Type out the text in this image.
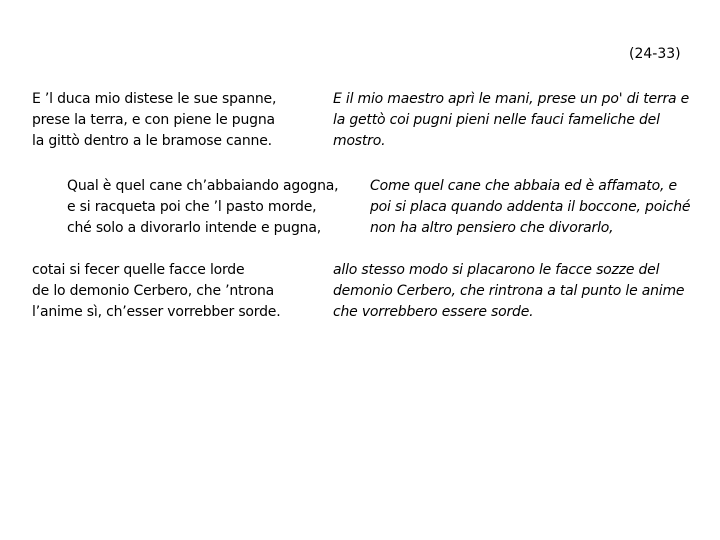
(24-33)
E ’l duca mio distese le sue spanne,
prese la terra, e con piene le pugna
la gittò dentro a le bramose canne.
E il mio maestro aprì le mani, prese un po' di terra e
la gettò coi pugni pieni nelle fauci fameliche del
mostro.
Qual è quel cane ch’abbaiando agogna,
e si racqueta poi che ’l pasto morde,
ché solo a divorarlo intende e pugna,
Come quel cane che abbaia ed è affamato, e
poi si placa quando addenta il boccone, poiché
non ha altro pensiero che divorarlo,
cotai si fecer quelle facce lorde
de lo demonio Cerbero, che ’ntrona
l’anime sì, ch’esser vorrebber sorde.
allo stesso modo si placarono le facce sozze del
demonio Cerbero, che rintrona a tal punto le anime
che vorrebbero essere sorde.
